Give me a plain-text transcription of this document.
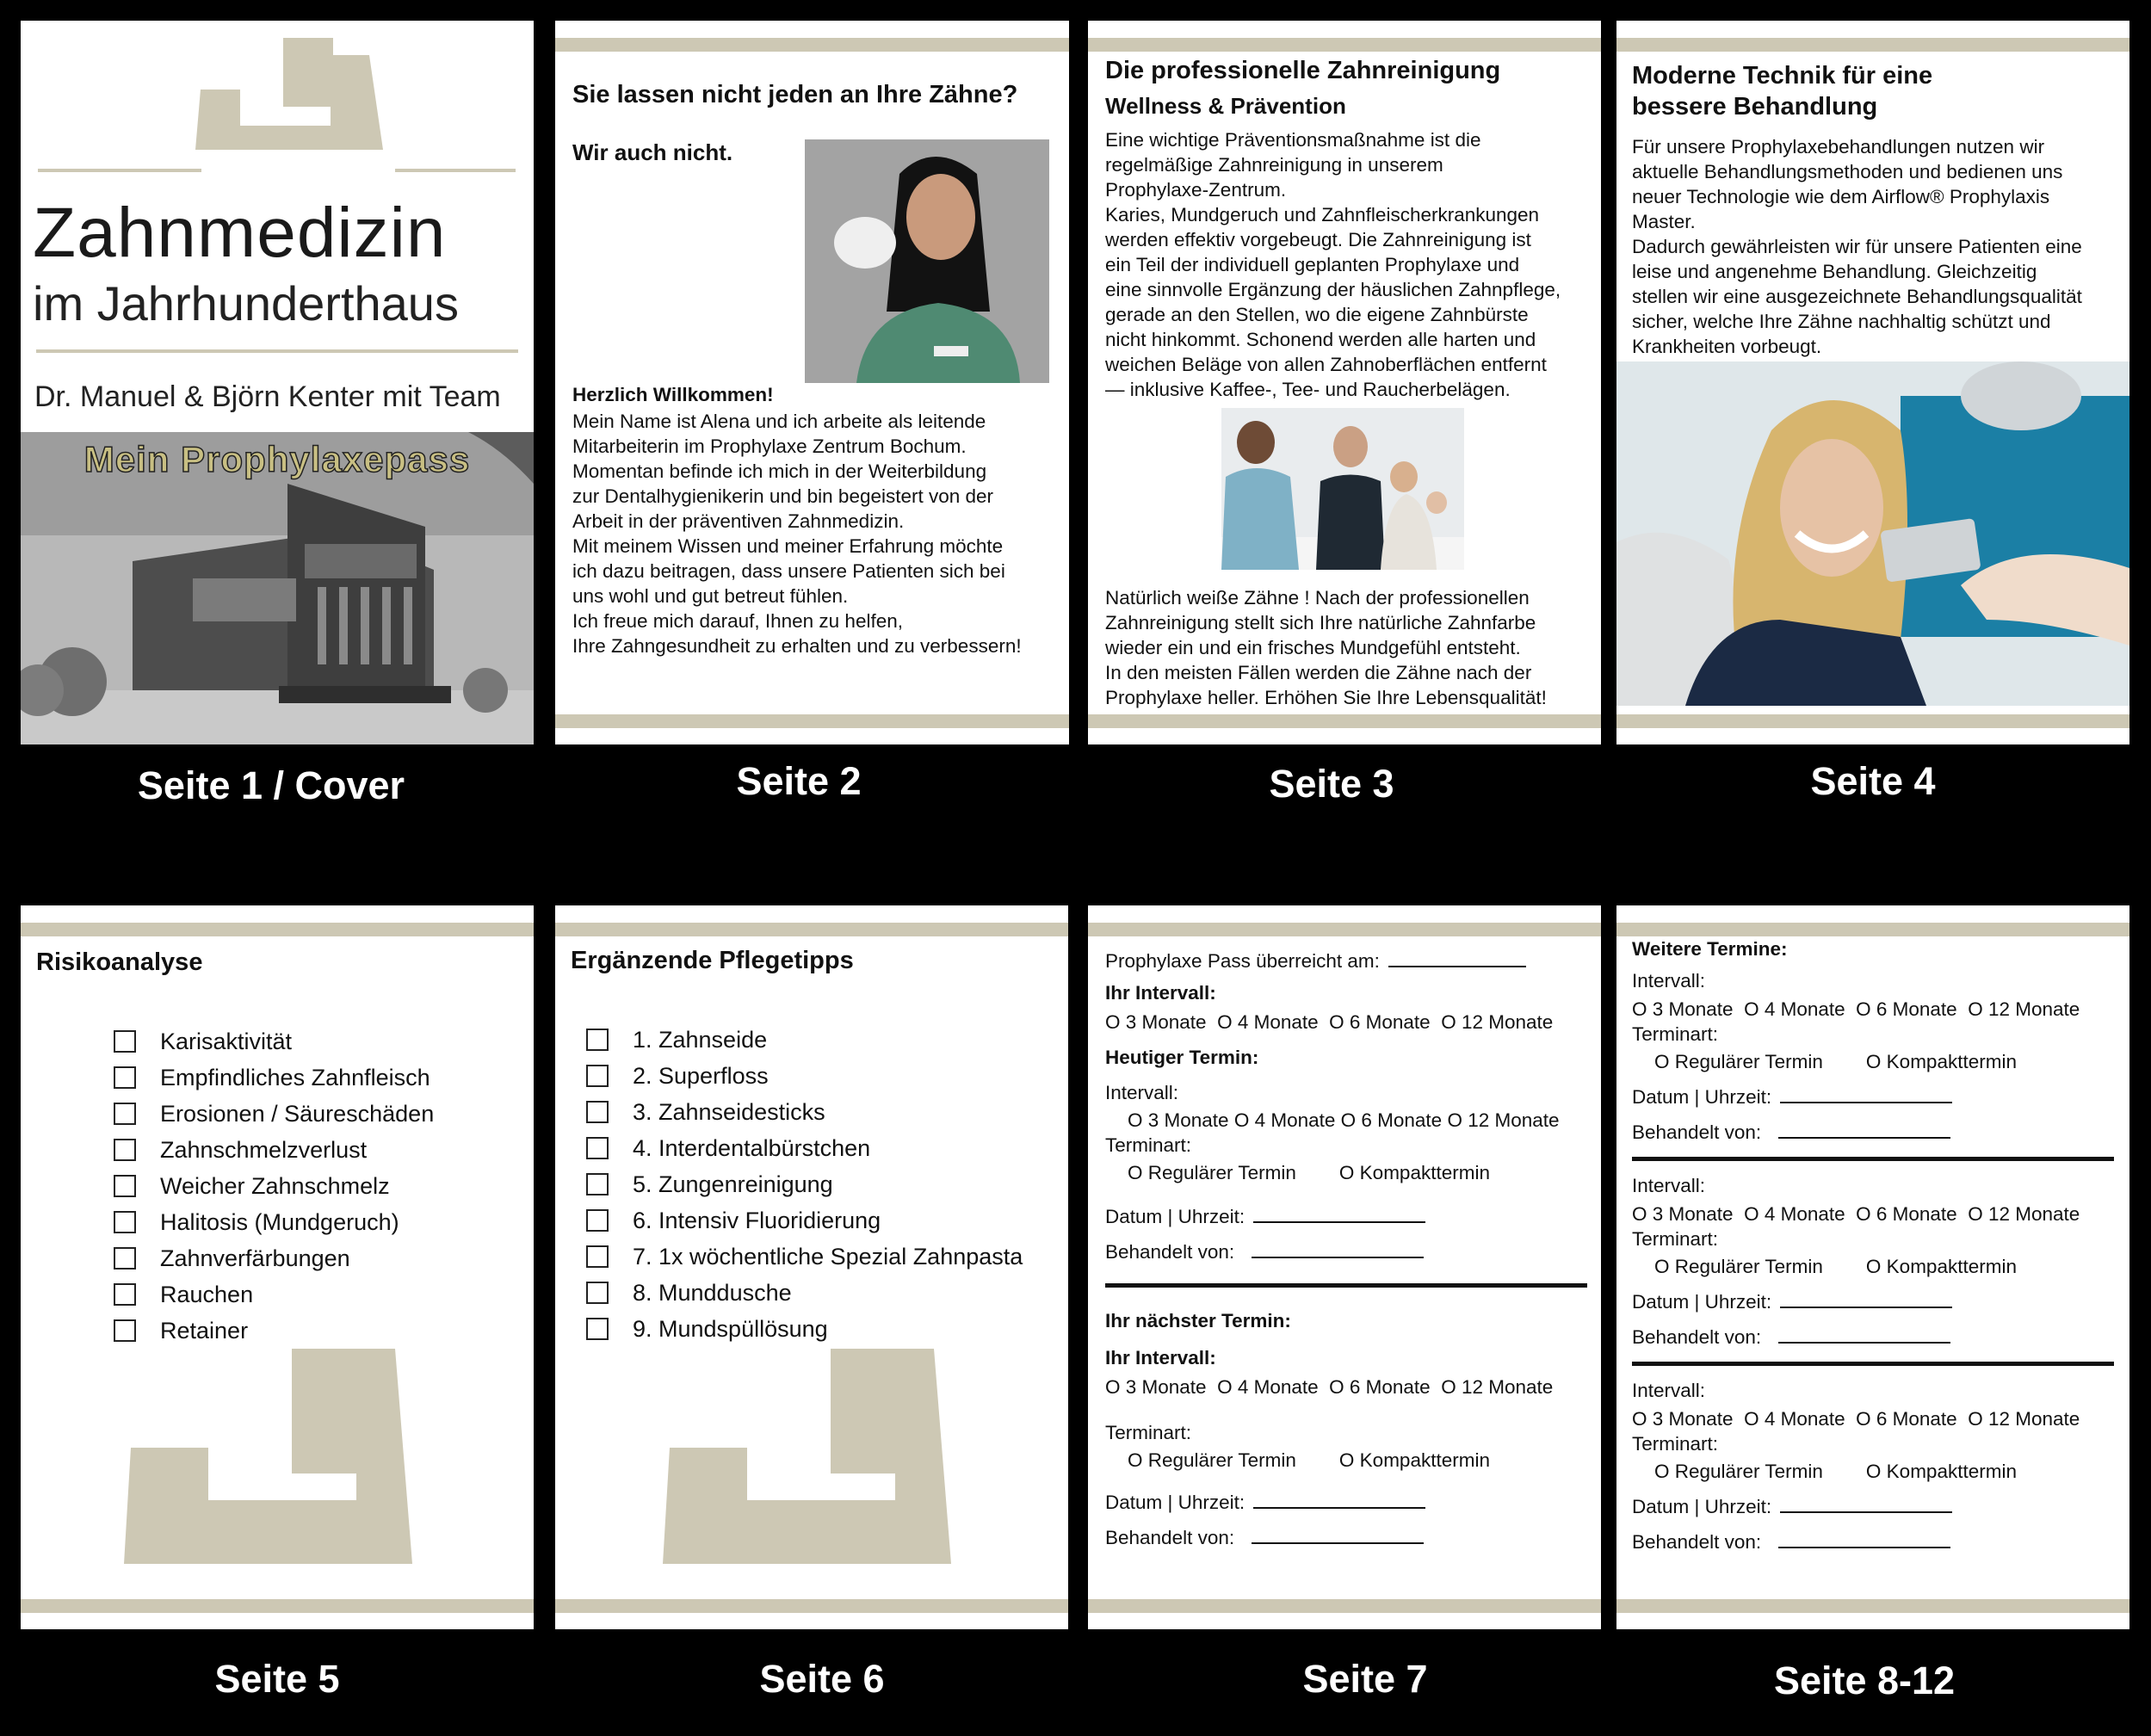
Zahnmedizin
im Jahrhunderthaus
Dr. Manuel & Björn Kenter mit Team
Mein Prophylaxepass
Seite 1 / Cover
Sie lassen nicht jeden an Ihre Zähne?
Wir auch nicht.
Herzlich Willkommen!

Mein Name ist Alena und ich arbeite als leitende

Mitarbeiterin im Prophylaxe Zentrum Bochum.

Momentan befinde ich mich in der Weiterbildung

zur Dentalhygienikerin und bin begeistert von der

Arbeit in der präventiven Zahnmedizin.

Mit meinem Wissen und meiner Erfahrung möchte

ich dazu beitragen, dass unsere Patienten sich bei

uns wohl und gut betreut fühlen.

Ich freue mich darauf, Ihnen zu helfen,

Ihre Zahngesundheit zu erhalten und zu verbessern!

Seite 2
Die professionelle Zahnreinigung
Wellness & Prävention

Eine wichtige Präventionsmaßnahme ist die

regelmäßige Zahnreinigung in unserem

Prophylaxe-Zentrum.

Karies, Mundgeruch und Zahnfleischerkrankungen

werden effektiv vorgebeugt. Die Zahnreinigung ist

ein Teil der individuell geplanten Prophylaxe und

eine sinnvolle Ergänzung der häuslichen Zahnpflege,

gerade an den Stellen, wo die eigene Zahnbürste

nicht hinkommt. Schonend werden alle harten und

weichen Beläge von allen Zahnoberflächen entfernt

— inklusive Kaffee-, Tee- und Raucherbelägen.

Natürlich weiße Zähne ! Nach der professionellen

Zahnreinigung stellt sich Ihre natürliche Zahnfarbe

wieder ein und ein frisches Mundgefühl entsteht.

In den meisten Fällen werden die Zähne nach der

Prophylaxe heller. Erhöhen Sie Ihre Lebensqualität!

Seite 3
Moderne Technik für eine
bessere Behandlung

Für unsere Prophylaxebehandlungen nutzen wir

aktuelle Behandlungsmethoden und bedienen uns

neuer Technologie wie dem Airflow® Prophylaxis

Master.

Dadurch gewährleisten wir für unsere Patienten eine

leise und angenehme Behandlung. Gleichzeitig

stellen wir eine ausgezeichnete Behandlungsqualität

sicher, welche Ihre Zähne nachhaltig schützt und

Krankheiten vorbeugt.

Seite 4
Risikoanalyse
Karisaktivität
Empfindliches Zahnfleisch
Erosionen / Säureschäden
Zahnschmelzverlust
Weicher Zahnschmelz
Halitosis (Mundgeruch)
Zahnverfärbungen
Rauchen
Retainer
Seite 5
Ergänzende Pflegetipps
1. Zahnseide
2. Superfloss
3. Zahnseidesticks
4. Interdentalbürstchen
5. Zungenreinigung
6. Intensiv Fluoridierung
7. 1x wöchentliche Spezial Zahnpasta
8. Munddusche
9. Mundspüllösung
Seite 6
Prophylaxe Pass überreicht am:
Ihr Intervall:
O 3 Monate  O 4 Monate  O 6 Monate  O 12 Monate
Heutiger Termin:
Intervall:
O 3 Monate O 4 Monate O 6 Monate O 12 Monate
Terminart:
O Regulärer Termin        O Kompakttermin
Datum | Uhrzeit:
Behandelt von:
Ihr nächster Termin:
Ihr Intervall:
O 3 Monate  O 4 Monate  O 6 Monate  O 12 Monate
Terminart:
O Regulärer Termin        O Kompakttermin
Datum | Uhrzeit:
Behandelt von:
Seite 7
Weitere Termine:
Intervall:
O 3 Monate  O 4 Monate  O 6 Monate  O 12 Monate
Terminart:
O Regulärer Termin        O Kompakttermin
Datum | Uhrzeit:
Behandelt von:
Intervall:
O 3 Monate  O 4 Monate  O 6 Monate  O 12 Monate
Terminart:
O Regulärer Termin        O Kompakttermin
Datum | Uhrzeit:
Behandelt von:
Intervall:
O 3 Monate  O 4 Monate  O 6 Monate  O 12 Monate
Terminart:
O Regulärer Termin        O Kompakttermin
Datum | Uhrzeit:
Behandelt von:
Seite 8-12
